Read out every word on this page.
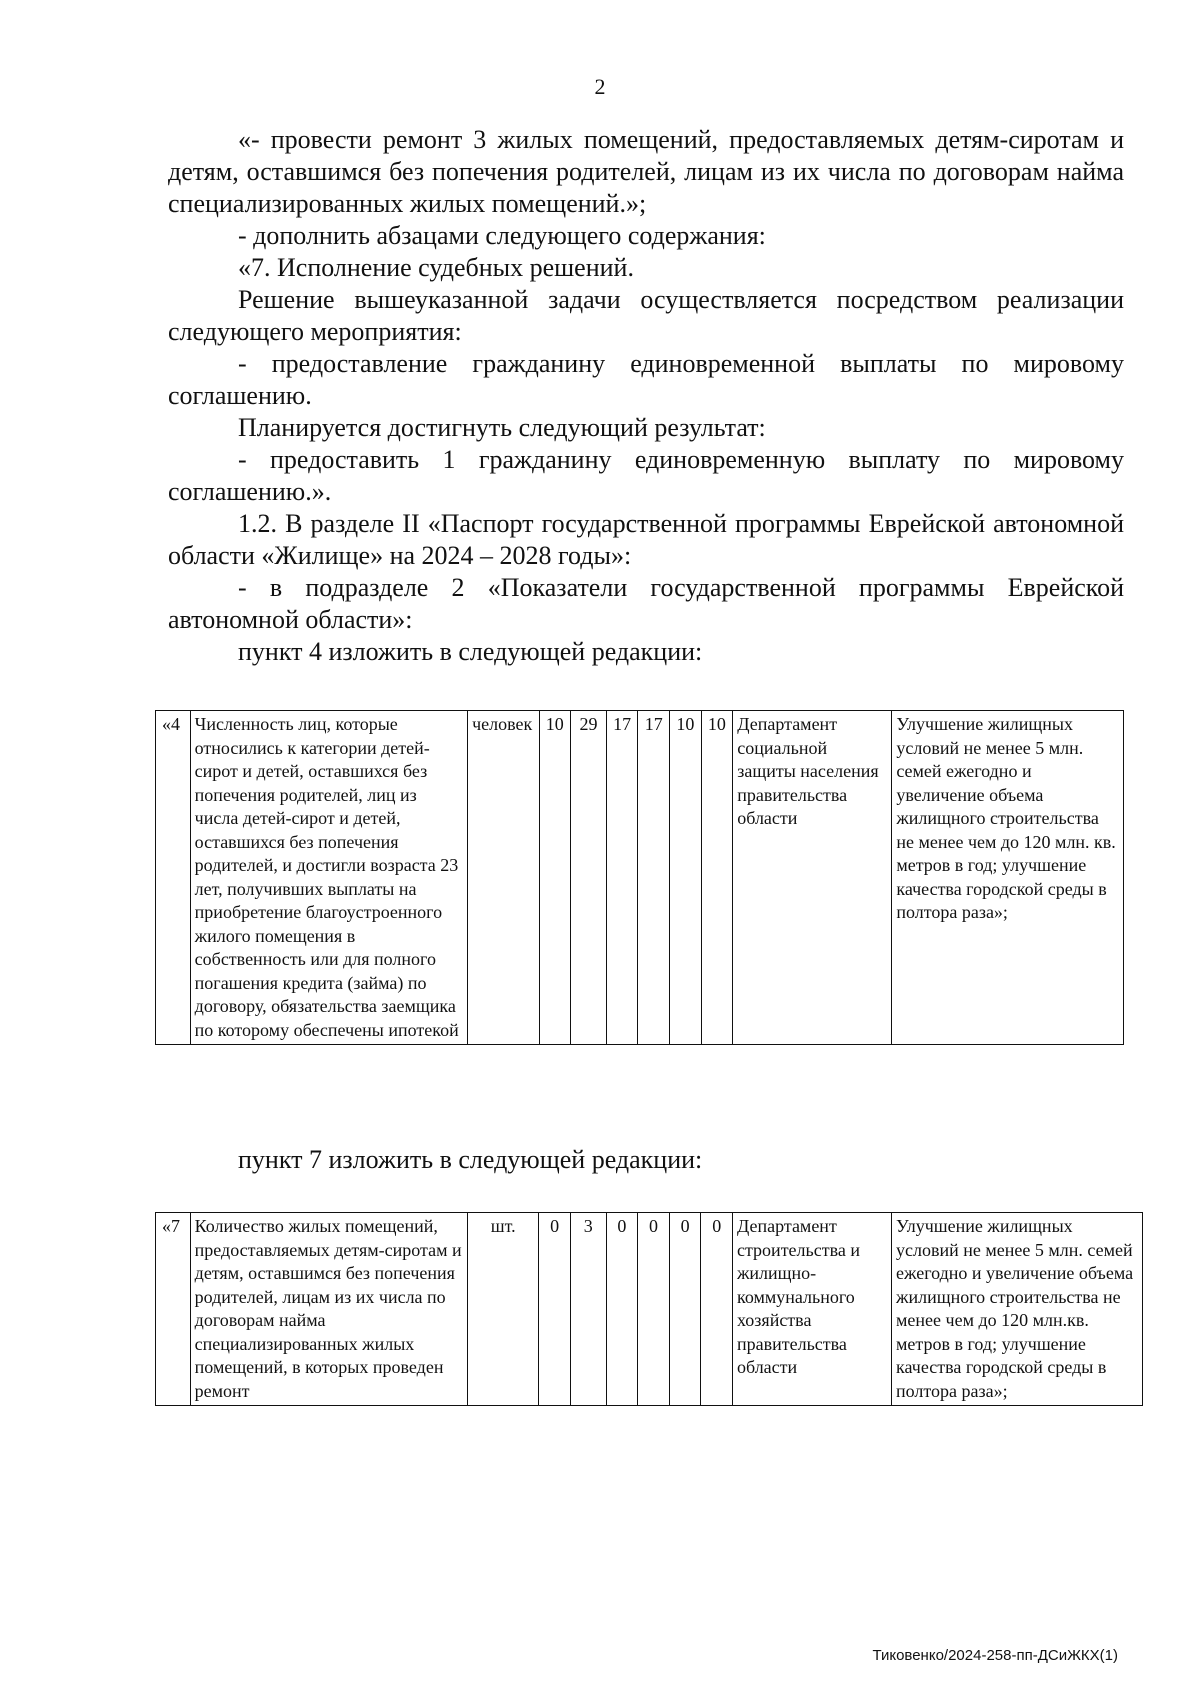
2

«- провести ремонт 3 жилых помещений, предоставляемых детям-сиротам и детям, оставшимся без попечения родителей, лицам из их числа по договорам найма специализированных жилых помещений.»;

- дополнить абзацами следующего содержания:

«7. Исполнение судебных решений.

Решение вышеуказанной задачи осуществляется посредством реализации следующего мероприятия:

- предоставление гражданину единовременной выплаты по мировому соглашению.

Планируется достигнуть следующий результат:

- предоставить 1 гражданину единовременную выплату по мировому соглашению.».

1.2. В разделе II «Паспорт государственной программы Еврейской автономной области «Жилище» на 2024 – 2028 годы»:

- в подразделе 2 «Показатели государственной программы Еврейской автономной области»:

пункт 4 изложить в следующей редакции:

«4	Численность лиц, которые относились к категории детей-сирот и детей, оставшихся без попечения родителей, лиц из числа детей-сирот и детей, оставшихся без попечения родителей, и достигли возраста 23 лет, получивших выплаты на приобретение благоустроенного жилого помещения в собственность или для полного погашения кредита (займа) по договору, обязательства заемщика по которому обеспечены ипотекой	человек	10	29	17	17	10	10	Департамент социальной защиты населения правительства области	Улучшение жилищных условий не менее 5 млн. семей ежегодно и увеличение объема жилищного строительства не менее чем до 120 млн. кв. метров в год; улучшение качества городской среды в полтора раза»;
пункт 7 изложить в следующей редакции:
«7	Количество жилых помещений, предоставляемых детям-сиротам и детям, оставшимся без попечения родителей, лицам из их числа по договорам найма специализированных жилых помещений, в которых проведен ремонт	шт.	0	3	0	0	0	0	Департамент строительства и жилищно-коммунального хозяйства правительства области	Улучшение жилищных условий не менее 5 млн. семей ежегодно и увеличение объема жилищного строительства не менее чем до 120 млн.кв. метров в год; улучшение качества городской среды в полтора раза»;
Тиковенко/2024-258-пп-ДСиЖКХ(1)
